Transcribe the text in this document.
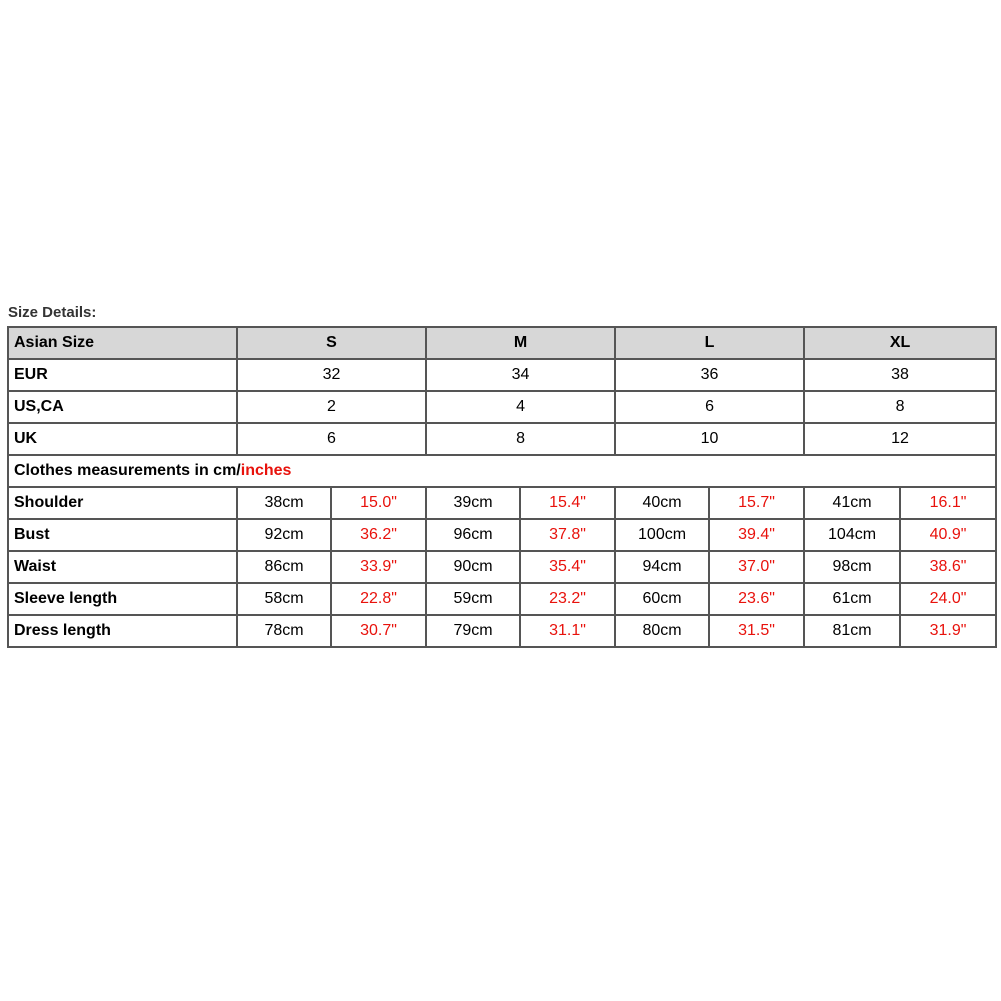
Size Details:
Asian Size	S		M		L		XL	
EUR	32		34		36		38	
US,CA	2		4		6		8	
UK	6		8		10		12	
Clothes measurements in cm/inches								
Shoulder	38cm	15.0"	39cm	15.4"	40cm	15.7"	41cm	16.1"
Bust	92cm	36.2"	96cm	37.8"	100cm	39.4"	104cm	40.9"
Waist	86cm	33.9"	90cm	35.4"	94cm	37.0"	98cm	38.6"
Sleeve length	58cm	22.8"	59cm	23.2"	60cm	23.6"	61cm	24.0"
Dress length	78cm	30.7"	79cm	31.1"	80cm	31.5"	81cm	31.9"
